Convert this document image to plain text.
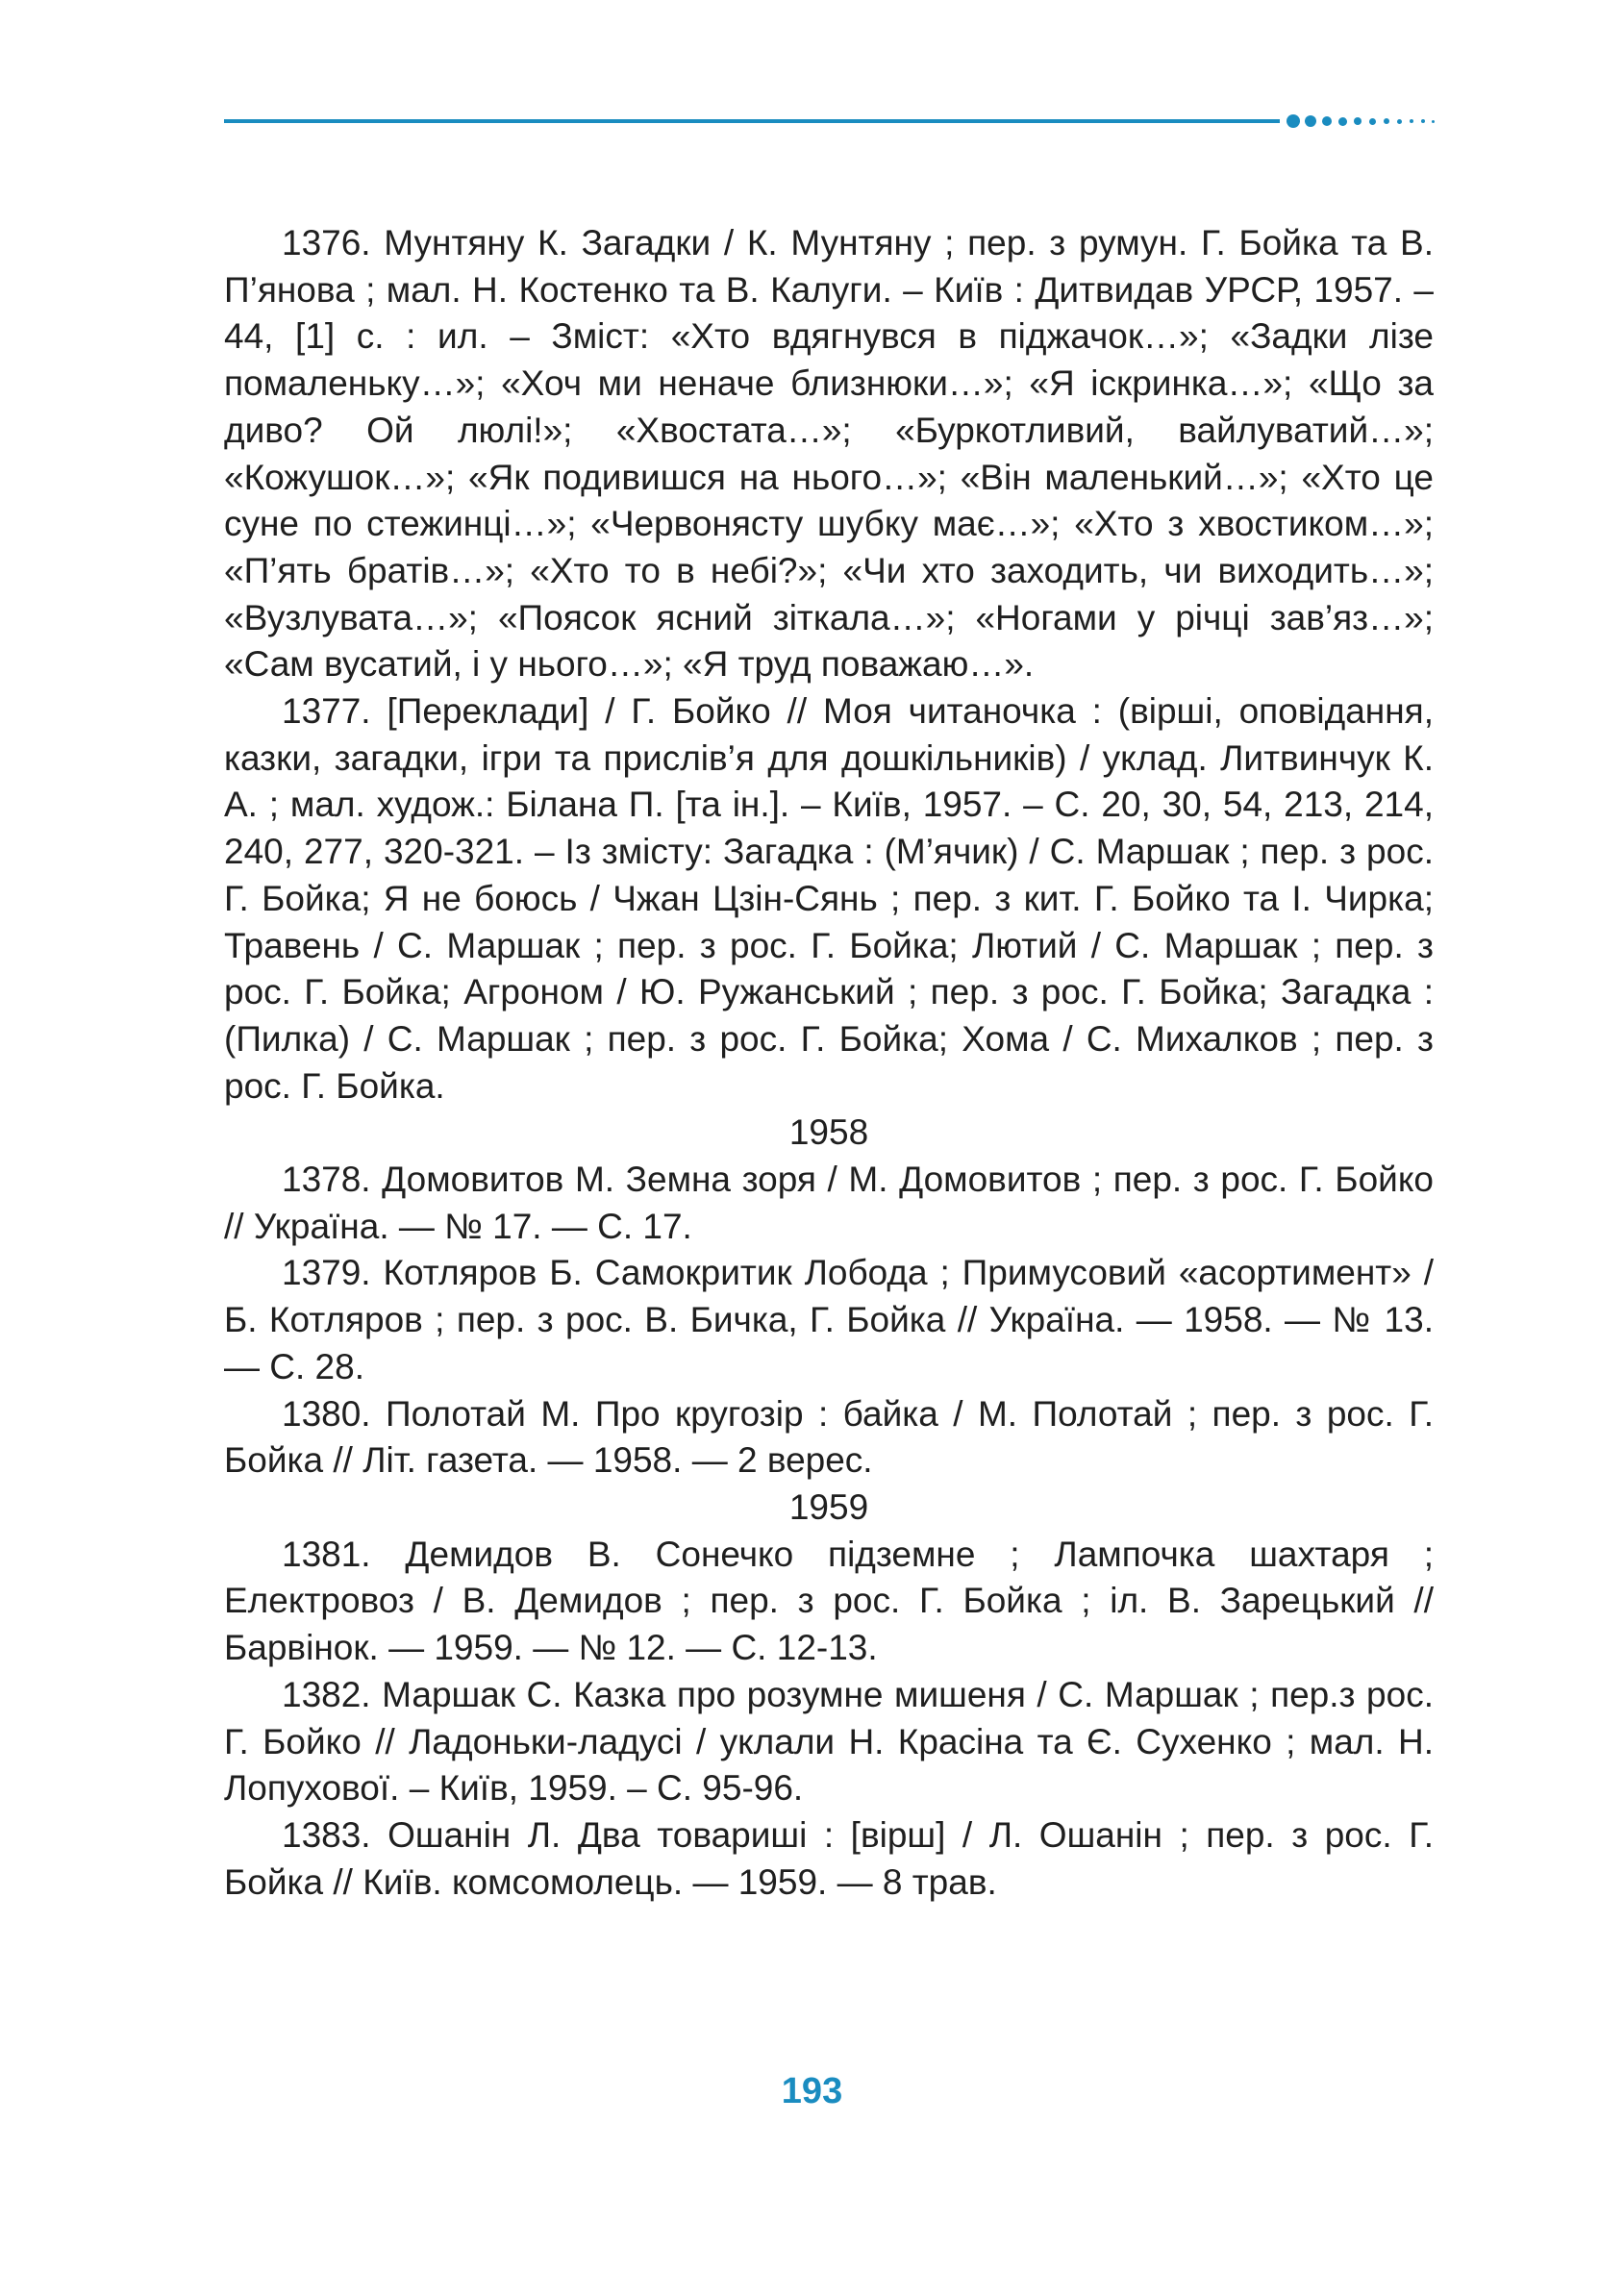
1376. Мунтяну К. Загадки / К. Мунтяну ; пер. з румун. Г. Бойка та В. П’янова ; мал. Н. Костенко та В. Калуги. – Київ : Дитвидав УРСР, 1957. – 44, [1] с. : ил. – Зміст: «Хто вдягнувся в піджачок…»; «Задки лізе помаленьку…»; «Хоч ми неначе близнюки…»; «Я іскринка…»; «Що за диво? Ой люлі!»; «Хвостата…»; «Буркотливий, вайлуватий…»; «Кожушок…»; «Як подивишся на нього…»; «Він маленький…»; «Хто це суне по стежинці…»; «Червонясту шубку має…»; «Хто з хвостиком…»; «П’ять братів…»; «Хто то в небі?»; «Чи хто заходить, чи виходить…»; «Вузлувата…»; «Поясок ясний зіткала…»; «Ногами у річці зав’яз…»; «Сам вусатий, і у нього…»; «Я труд поважаю…».

1377. [Переклади] / Г. Бойко // Моя читаночка : (вірші, оповідання, казки, загадки, ігри та прислів’я для дошкільників) / уклад. Литвинчук К. А. ; мал. худож.: Білана П. [та ін.]. – Київ, 1957. – С. 20, 30, 54, 213, 214, 240, 277, 320-321. – Із змісту: Загадка : (М’ячик) / С. Маршак ; пер. з рос. Г. Бойка; Я не боюсь / Чжан Цзін-Сянь ; пер. з кит. Г. Бойко та І. Чирка; Травень / С. Маршак ; пер. з рос. Г. Бойка; Лютий / С. Маршак ; пер. з рос. Г. Бойка; Агроном / Ю. Ружанський ; пер. з рос. Г. Бойка; Загадка : (Пилка) / С. Маршак ; пер. з рос. Г. Бойка; Хома / С. Михалков ; пер. з рос. Г. Бойка.

1958

1378. Домовитов М. Земна зоря / М. Домовитов ; пер. з рос. Г. Бойко // Україна. — № 17. — С. 17.

1379. Котляров Б. Самокритик Лобода ; Примусовий «асортимент» / Б. Котляров ; пер. з рос. В. Бичка, Г. Бойка // Україна. — 1958. — № 13. — С. 28.

1380. Полотай М. Про кругозір : байка / М. Полотай ; пер. з рос. Г. Бойка // Літ. газета. — 1958. — 2 верес.

1959

1381. Демидов В. Сонечко підземне ; Лампочка шахтаря ; Електровоз / В. Демидов ; пер. з рос. Г. Бойка ; іл. В. Зарецький // Барвінок. — 1959. — № 12. — С. 12-13.

1382. Маршак С. Казка про розумне мишеня / С. Маршак ; пер.з рос. Г. Бойко // Ладоньки-ладусі / уклали Н. Красіна та Є. Сухенко ; мал. Н. Лопухової. – Київ, 1959. – С. 95-96.

1383. Ошанін Л. Два товариші : [вірш] / Л. Ошанін ; пер. з рос. Г. Бойка // Київ. комсомолець. — 1959. — 8 трав.

193
